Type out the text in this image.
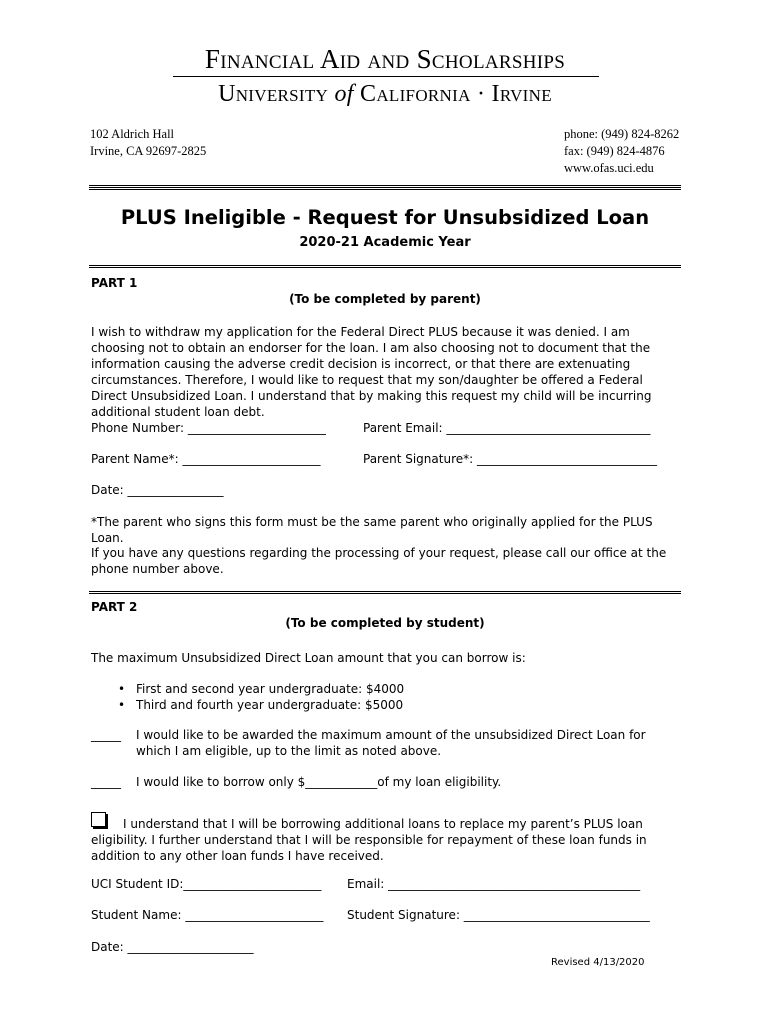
Financial Aid and Scholarships
University of California · Irvine
102 Aldrich Hall
Irvine, CA 92697-2825
phone: (949) 824-8262
fax: (949) 824-4876
www.ofas.uci.edu
PLUS Ineligible - Request for Unsubsidized Loan
2020-21 Academic Year
PART 1
(To be completed by parent)
I wish to withdraw my application for the Federal Direct PLUS because it was denied. I am choosing not to obtain an endorser for the loan. I am also choosing not to document that the information causing the adverse credit decision is incorrect, or that there are extenuating circumstances. Therefore, I would like to request that my son/daughter be offered a Federal Direct Unsubsidized Loan. I understand that by making this request my child will be incurring additional student loan debt.
Phone Number: _______________________	Parent Email: __________________________________
Parent Name*: _______________________	Parent Signature*: ______________________________
Date: ________________
*The parent who signs this form must be the same parent who originally applied for the PLUS Loan.
If you have any questions regarding the processing of your request, please call our office at the phone number above.
PART 2
(To be completed by student)
The maximum Unsubsidized Direct Loan amount that you can borrow is:
• First and second year undergraduate: $4000
• Third and fourth year undergraduate: $5000
_____ I would like to be awarded the maximum amount of the unsubsidized Direct Loan for which I am eligible, up to the limit as noted above.
_____ I would like to borrow only $____________of my loan eligibility.
I understand that I will be borrowing additional loans to replace my parent’s PLUS loan eligibility. I further understand that I will be responsible for repayment of these loan funds in addition to any other loan funds I have received.
UCI Student ID:_______________________ Email: __________________________________________
Student Name: _______________________ Student Signature: _______________________________
Date: _____________________
Revised 4/13/2020
